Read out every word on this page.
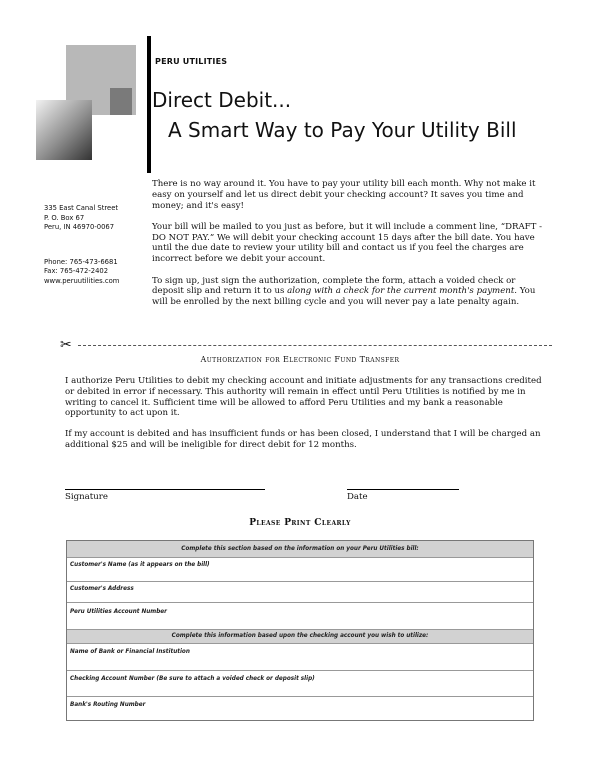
PERU UTILITIES
Direct Debit...
A Smart Way to Pay Your Utility Bill
335 East Canal Street
P. O. Box 67
Peru, IN 46970-0067
Phone: 765-473-6681
Fax: 765-472-2402
www.peruutilities.com

There is no way around it. You have to pay your utility bill each month. Why not make it easy on yourself and let us direct debit your checking account? It saves you time and money; and it's easy!

Your bill will be mailed to you just as before, but it will include a comment line, “DRAFT - DO NOT PAY.” We will debit your checking account 15 days after the bill date. You have until the due date to review your utility bill and contact us if you feel the charges are incorrect before we debit your account.

To sign up, just sign the authorization, complete the form, attach a voided check or deposit slip and return it to us along with a check for the current month's payment. You will be enrolled by the next billing cycle and you will never pay a late penalty again.

✂
Authorization for Electronic Fund Transfer

I authorize Peru Utilities to debit my checking account and initiate adjustments for any transactions credited or debited in error if necessary. This authority will remain in effect until Peru Utilities is notified by me in writing to cancel it. Sufficient time will be allowed to afford Peru Utilities and my bank a reasonable opportunity to act upon it.

If my account is debited and has insufficient funds or has been closed, I understand that I will be charged an additional $25 and will be ineligible for direct debit for 12 months.

Signature	Date
Please Print Clearly
Complete this section based on the information on your Peru Utilities bill:
Customer's Name (as it appears on the bill)
Customer's Address
Peru Utilities Account Number
Complete this information based upon the checking account you wish to utilize:
Name of Bank or Financial Institution
Checking Account Number (Be sure to attach a voided check or deposit slip)
Bank's Routing Number
